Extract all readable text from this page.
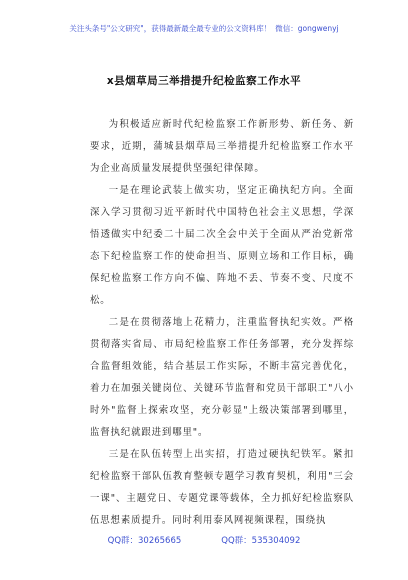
关注头条号"公文研究"，获得最新最全最专业的公文资料库！ 微信：gongwenyj
x县烟草局三举措提升纪检监察工作水平

为积极适应新时代纪检监察工作新形势、新任务、新要求，近期，蒲城县烟草局三举措提升纪检监察工作水平为企业高质量发展提供坚强纪律保障。

一是在理论武装上做实功，坚定正确执纪方向。全面深入学习贯彻习近平新时代中国特色社会主义思想，学深悟透做实中纪委二十届二次全会中关于全面从严治党新常态下纪检监察工作的使命担当、原则立场和工作目标，确保纪检监察工作方向不偏、阵地不丢、节奏不变、尺度不松。

二是在贯彻落地上花精力，注重监督执纪实效。严格贯彻落实省局、市局纪检监察工作任务部署，充分发挥综合监督组效能，结合基层工作实际，不断丰富完善优化，着力在加强关键岗位、关键环节监督和党员干部职工"八小时外"监督上探索攻坚，充分彰显"上级决策部署到哪里，监督执纪就跟进到哪里"。

三是在队伍转型上出实招，打造过硬执纪铁军。紧扣纪检监察干部队伍教育整顿专题学习教育契机，利用"三会一课"、主题党日、专题党课等载体，全力抓好纪检监察队伍思想素质提升。同时利用泰风网视频课程，围绕执

QQ群：30265665	QQ群：535304092
